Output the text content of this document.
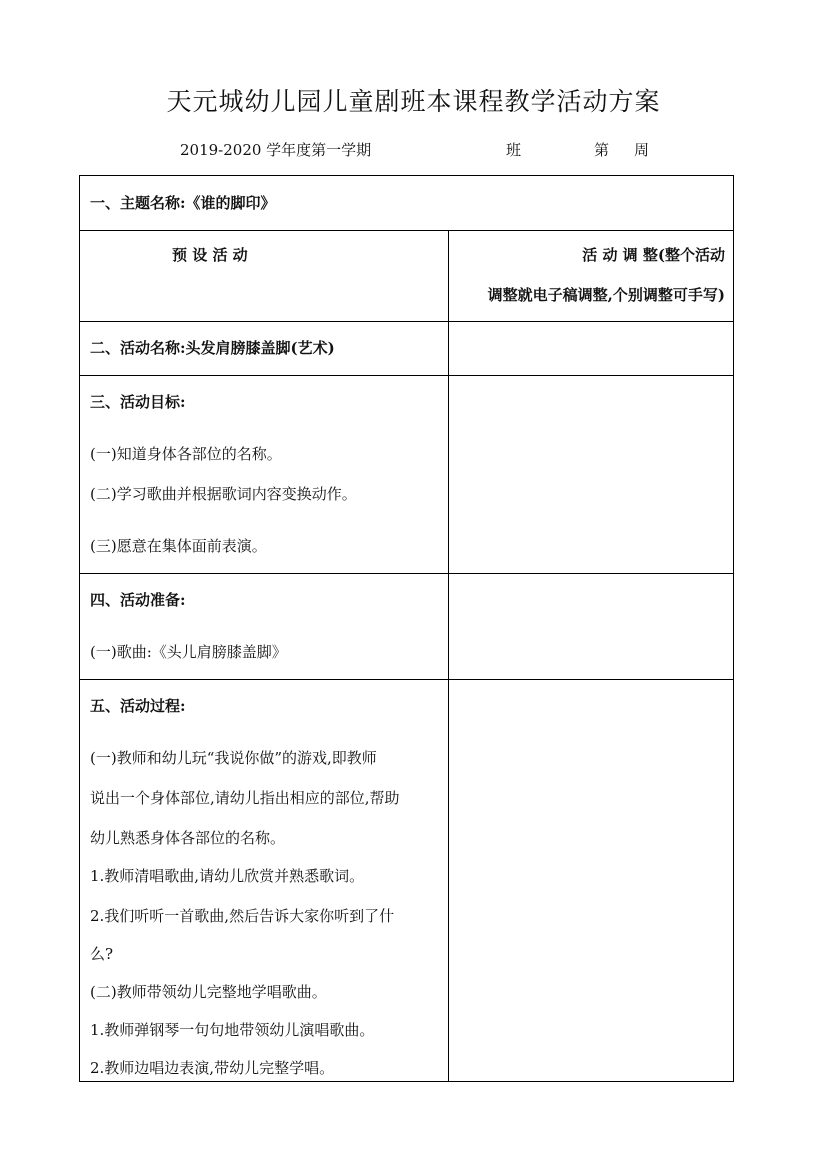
天元城幼儿园儿童剧班本课程教学活动方案
2019-2020 学年度第一学期	班	第 周
一、主题名称:《谁的脚印》
预 设 活 动	活 动 调 整(整个活动
调整就电子稿调整,个别调整可手写)
二、活动名称:头发肩膀膝盖脚(艺术)
三、活动目标:
(一)知道身体各部位的名称。
(二)学习歌曲并根据歌词内容变换动作。
(三)愿意在集体面前表演。
四、活动准备:
(一)歌曲:《头儿肩膀膝盖脚》
五、活动过程:
(一)教师和幼儿玩“我说你做”的游戏,即教师
说出一个身体部位,请幼儿指出相应的部位,帮助
幼儿熟悉身体各部位的名称。
1.教师清唱歌曲,请幼儿欣赏并熟悉歌词。
2.我们听听一首歌曲,然后告诉大家你听到了什
么?
(二)教师带领幼儿完整地学唱歌曲。
1.教师弹钢琴一句句地带领幼儿演唱歌曲。
2.教师边唱边表演,带幼儿完整学唱。
